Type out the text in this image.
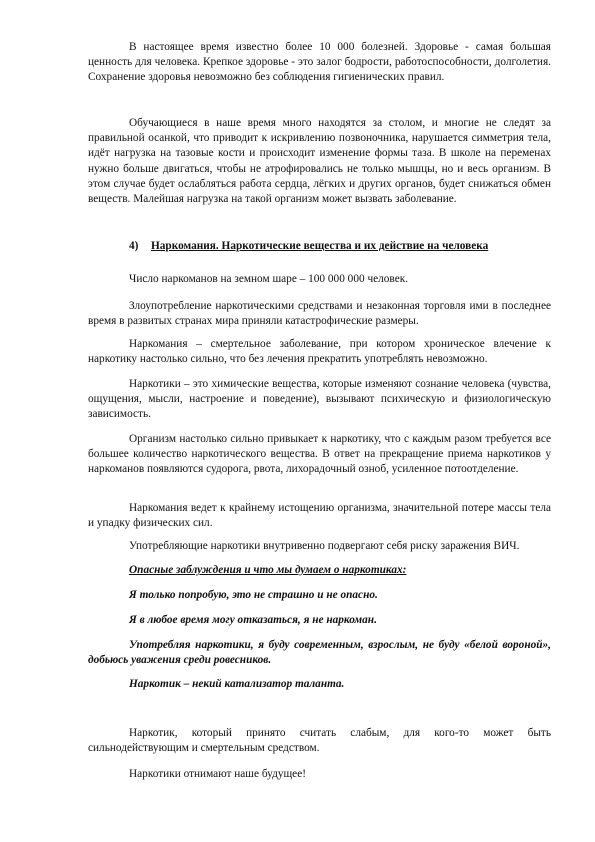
В настоящее время известно более 10 000 болезней. Здоровье - самая большая ценность для человека. Крепкое здоровье - это залог бодрости, работоспособности, долголетия. Сохранение здоровья невозможно без соблюдения гигиенических правил.

Обучающиеся в наше время много находятся за столом, и многие не следят за правильной осанкой, что приводит к искривлению позвоночника, нарушается симметрия тела, идёт нагрузка на тазовые кости и происходит изменение формы таза. В школе на переменах нужно больше двигаться, чтобы не атрофировались не только мышцы, но и весь организм. В этом случае будет ослабляться работа сердца, лёгких и других органов, будет снижаться обмен веществ. Малейшая нагрузка на такой организм может вызвать заболевание.

4) Наркомания. Наркотические вещества и их действие на человека

Число наркоманов на земном шаре – 100 000 000 человек.

Злоупотребление наркотическими средствами и незаконная торговля ими в последнее время в развитых странах мира приняли катастрофические размеры.

Наркомания – смертельное заболевание, при котором хроническое влечение к наркотику настолько сильно, что без лечения прекратить употреблять невозможно.

Наркотики – это химические вещества, которые изменяют сознание человека (чувства, ощущения, мысли, настроение и поведение), вызывают психическую и физиологическую зависимость.

Организм настолько сильно привыкает к наркотику, что с каждым разом требуется все большее количество наркотического вещества. В ответ на прекращение приема наркотиков у наркоманов появляются судорога, рвота, лихорадочный озноб, усиленное потоотделение.

Наркомания ведет к крайнему истощению организма, значительной потере массы тела и упадку физических сил.

Употребляющие наркотики внутривенно подвергают себя риску заражения ВИЧ.

Опасные заблуждения и что мы думаем о наркотиках:

Я только попробую, это не страшно и не опасно.

Я в любое время могу отказаться, я не наркоман.

Употребляя наркотики, я буду современным, взрослым, не буду «белой вороной», добьюсь уважения среди ровесников.

Наркотик – некий катализатор таланта.

Наркотик, который принято считать слабым, для кого-то может быть сильнодействующим и смертельным средством.

Наркотики отнимают наше будущее!
